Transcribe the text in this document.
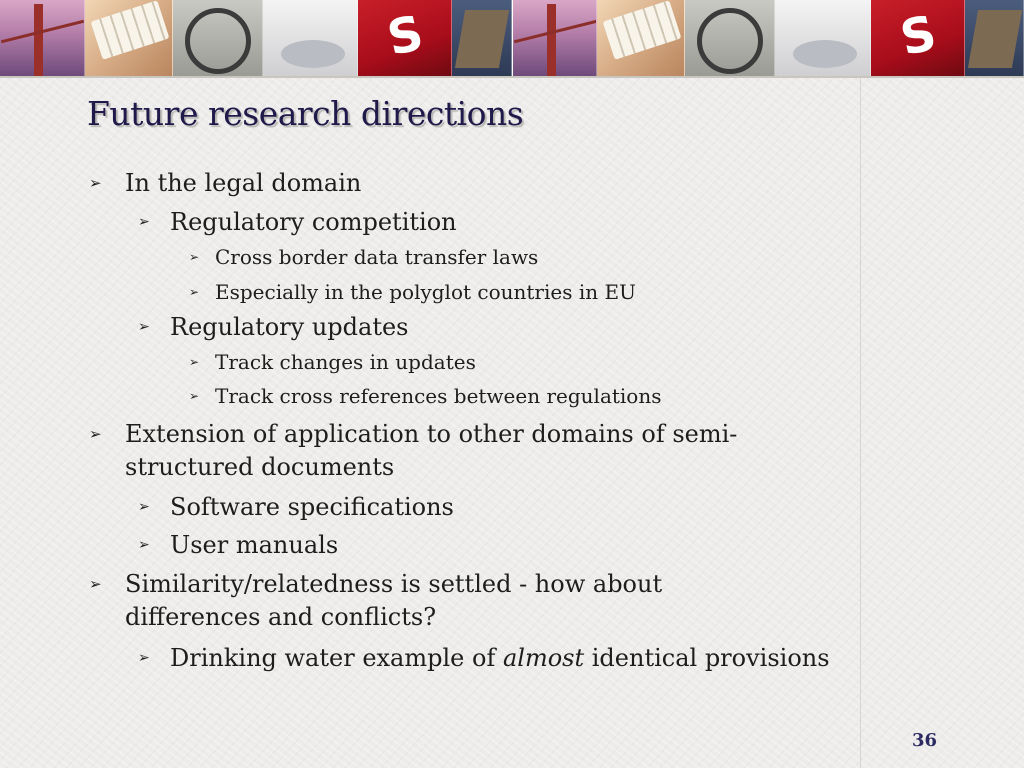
S
S
Future research directions
➢ In the legal domain
➢ Regulatory competition
➢ Cross border data transfer laws
➢ Especially in the polyglot countries in EU
➢ Regulatory updates
➢ Track changes in updates
➢ Track cross references between regulations
➢ Extension of application to other domains of semi-
structured documents
➢ Software specifications
➢ User manuals
➢ Similarity/relatedness is settled - how about
differences and conflicts?
➢ Drinking water example of almost identical provisions
36
